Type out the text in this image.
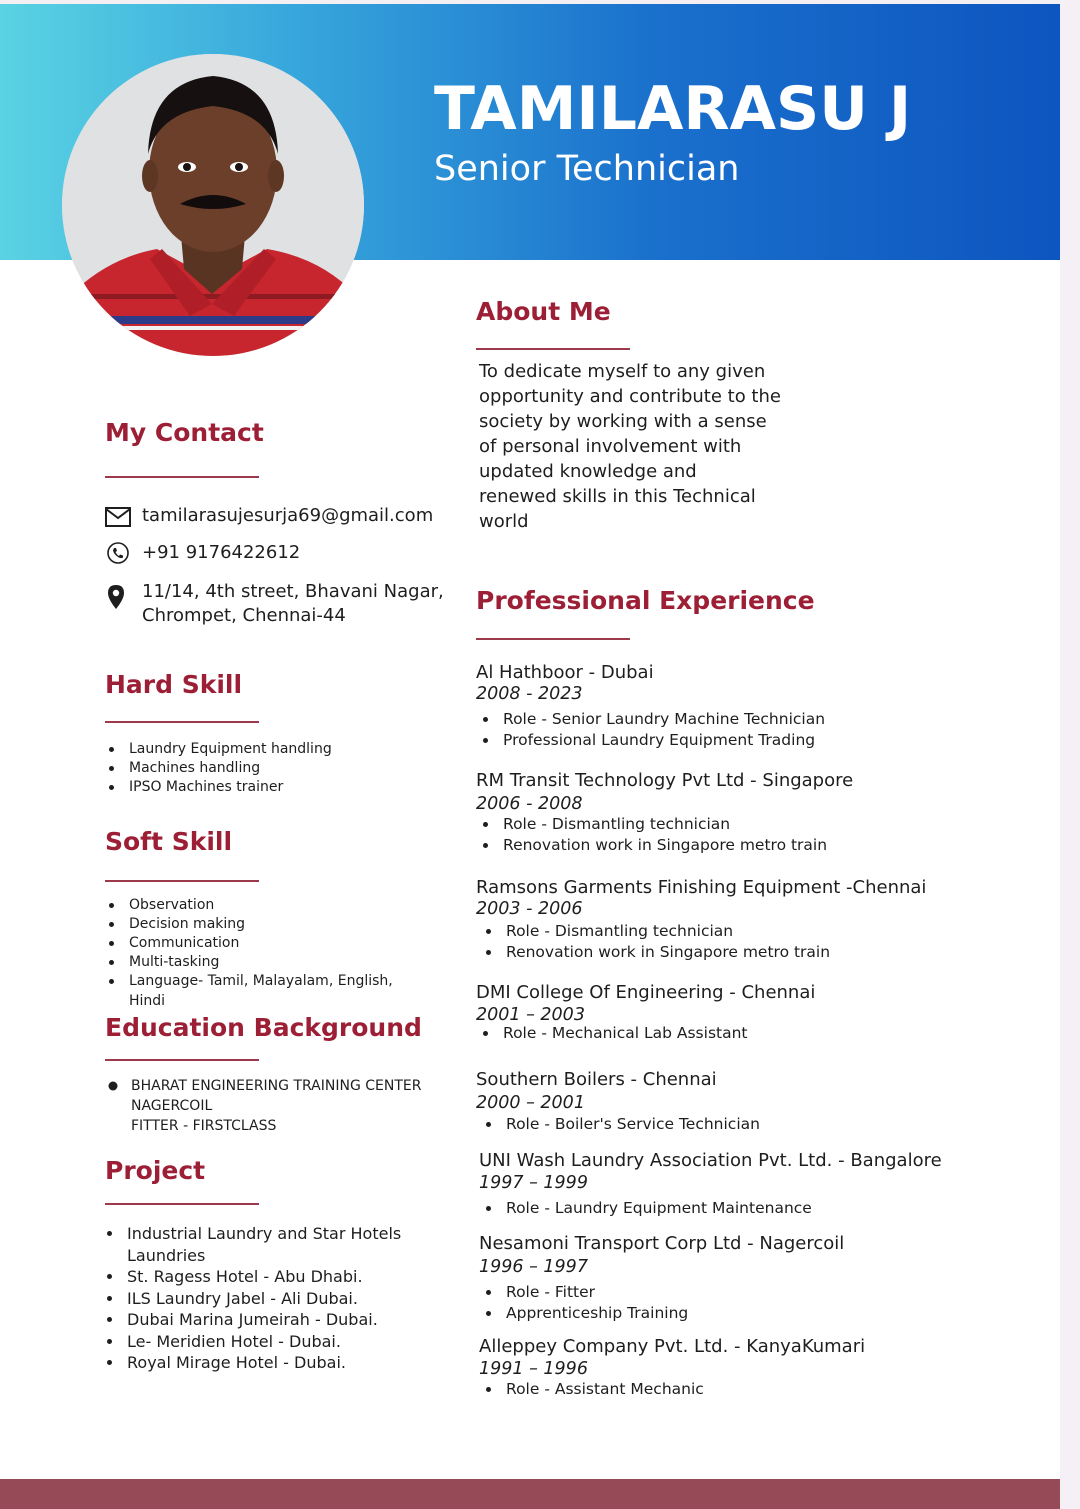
TAMILARASU J
Senior Technician
About Me
To dedicate myself to any given
opportunity and contribute to the
society by working with a sense
of personal involvement with
updated knowledge and
renewed skills in this Technical
world
My Contact
tamilarasujesurja69@gmail.com
+91 9176422612
11/14, 4th street, Bhavani Nagar,
Chrompet, Chennai-44
Hard Skill
Laundry Equipment handling
Machines handling
IPSO Machines trainer
Soft Skill
Observation
Decision making
Communication
Multi-tasking
Language- Tamil, Malayalam, English,
Hindi
Education Background
BHARAT ENGINEERING TRAINING CENTER
NAGERCOIL
FITTER - FIRSTCLASS
Project
Industrial Laundry and Star Hotels
Laundries
St. Ragess Hotel - Abu Dhabi.
ILS Laundry Jabel - Ali Dubai.
Dubai Marina Jumeirah - Dubai.
Le- Meridien Hotel - Dubai.
Royal Mirage Hotel - Dubai.
Professional Experience
Al Hathboor - Dubai
2008 - 2023
Role - Senior Laundry Machine Technician
Professional Laundry Equipment Trading
RM Transit Technology Pvt Ltd - Singapore
2006 - 2008
Role - Dismantling technician
Renovation work in Singapore metro train
Ramsons Garments Finishing Equipment -Chennai
2003 - 2006
Role - Dismantling technician
Renovation work in Singapore metro train
DMI College Of Engineering - Chennai
2001 – 2003
Role - Mechanical Lab Assistant
Southern Boilers - Chennai
2000 – 2001
Role - Boiler's Service Technician
UNI Wash Laundry Association Pvt. Ltd. - Bangalore
1997 – 1999
Role - Laundry Equipment Maintenance
Nesamoni Transport Corp Ltd - Nagercoil
1996 – 1997
Role - Fitter
Apprenticeship Training
Alleppey Company Pvt. Ltd. - KanyaKumari
1991 – 1996
Role - Assistant Mechanic
